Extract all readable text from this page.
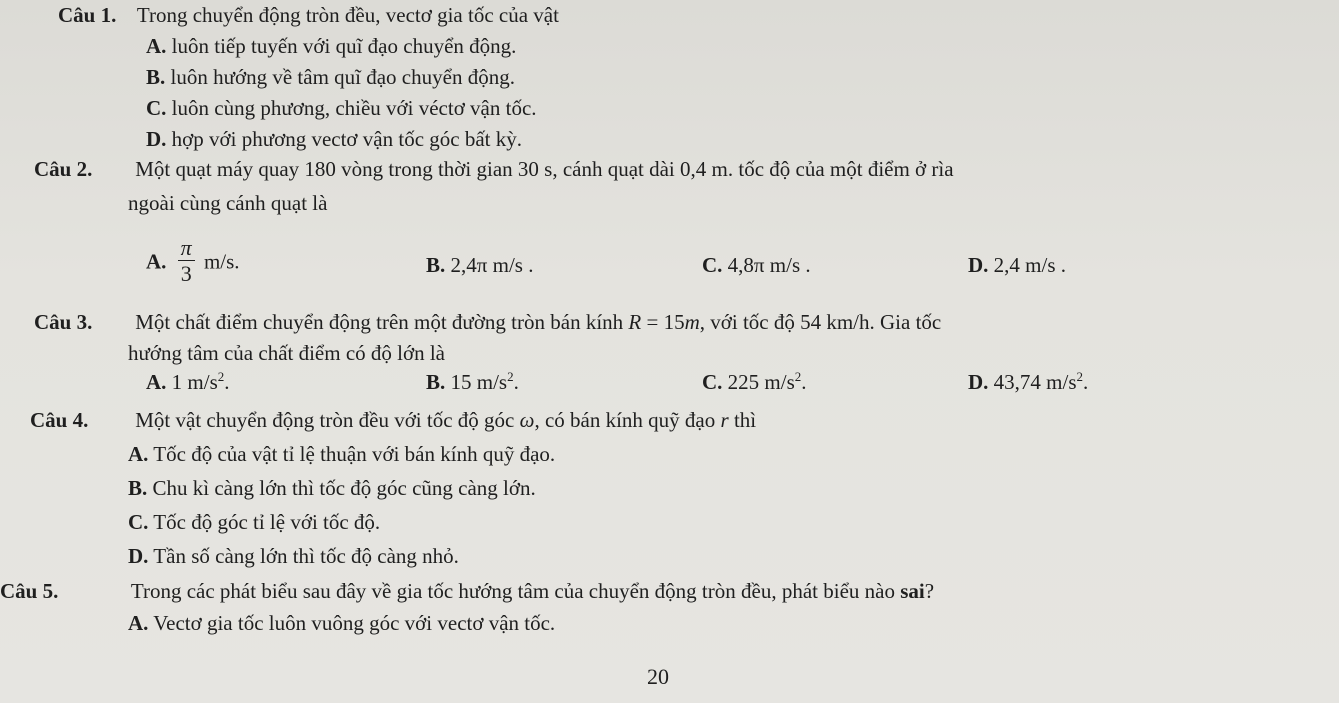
Câu 1. Trong chuyển động tròn đều, vectơ gia tốc của vật
A. luôn tiếp tuyến với quĩ đạo chuyển động.
B. luôn hướng về tâm quĩ đạo chuyển động.
C. luôn cùng phương, chiều với véctơ vận tốc.
D. hợp với phương vectơ vận tốc góc bất kỳ.
Câu 2. Một quạt máy quay 180 vòng trong thời gian 30 s, cánh quạt dài 0,4 m. tốc độ của một điểm ở rìa
ngoài cùng cánh quạt là
A. $\frac{\pi}{3} m/s$.	B. 2,4π m/s .	C. 4,8π m/s .	D. 2,4 m/s .
Câu 3. Một chất điểm chuyển động trên một đường tròn bán kính R = 15m, với tốc độ 54 km/h. Gia tốc
hướng tâm của chất điểm có độ lớn là
A. 1 $m/s^2$.	B. 15 $m/s^2$.	C. 225 $m/s^2$.	D. 43,74 $m/s^2$.
Câu 4. Một vật chuyển động tròn đều với tốc độ góc ω, có bán kính quỹ đạo r thì
A. Tốc độ của vật tỉ lệ thuận với bán kính quỹ đạo.
B. Chu kì càng lớn thì tốc độ góc cũng càng lớn.
C. Tốc độ góc tỉ lệ với tốc độ.
D. Tần số càng lớn thì tốc độ càng nhỏ.
Câu 5.	Trong các phát biểu sau đây về gia tốc hướng tâm của chuyển động tròn đều, phát biểu nào sai?
A. Vectơ gia tốc luôn vuông góc với vectơ vận tốc.
20
